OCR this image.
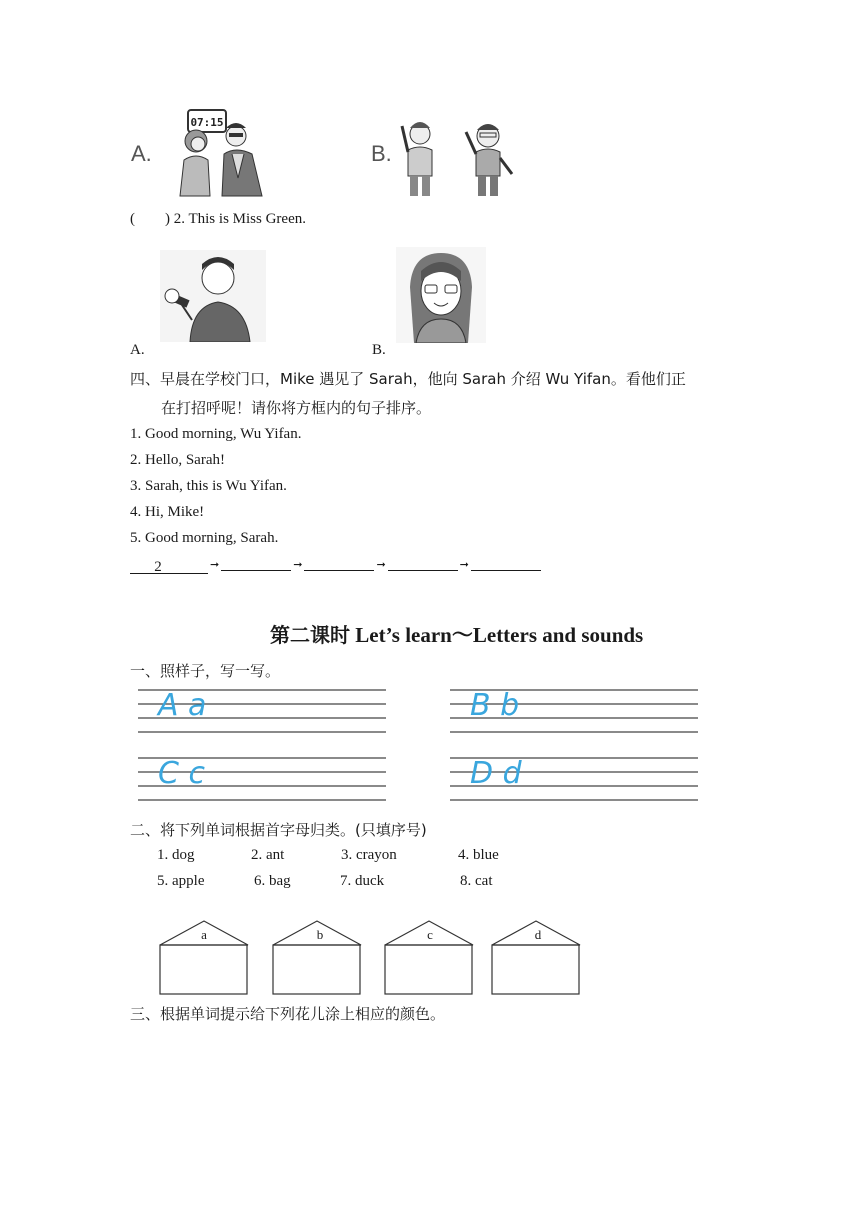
A.
07:15
B.
( ) 2. This is Miss Green.
A.	B.
四、早晨在学校门口，Mike 遇见了 Sarah，他向 Sarah 介绍 Wu Yifan。看他们正
在打招呼呢！请你将方框内的句子排序。
1. Good morning, Wu Yifan.
2. Hello, Sarah!
3. Sarah, this is Wu Yifan.
4. Hi, Mike!
5. Good morning, Sarah.
2	➞	➞	➞	➞
第二课时 Let’s learn～Letters and sounds
一、照样子，写一写。
A a	B b
C c	D d
二、将下列单词根据首字母归类。(只填序号)
1. dog	2. ant	3. crayon	4. blue
5. apple	6. bag	7. duck	8. cat
a	b	c	d
三、根据单词提示给下列花儿涂上相应的颜色。
